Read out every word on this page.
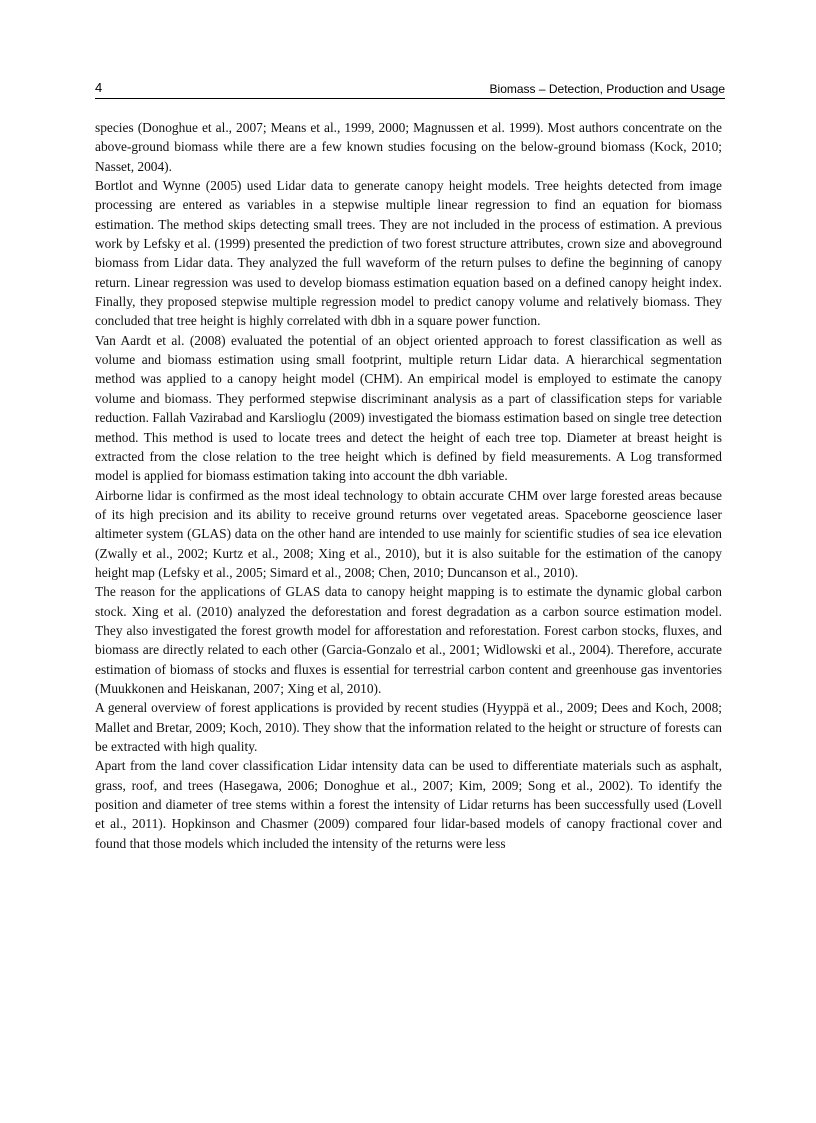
4	Biomass – Detection, Production and Usage

species (Donoghue et al., 2007; Means et al., 1999, 2000; Magnussen et al. 1999). Most authors concentrate on the above-ground biomass while there are a few known studies focusing on the below-ground biomass (Kock, 2010; Nasset, 2004).

Bortlot and Wynne (2005) used Lidar data to generate canopy height models. Tree heights detected from image processing are entered as variables in a stepwise multiple linear regression to find an equation for biomass estimation. The method skips detecting small trees. They are not included in the process of estimation. A previous work by Lefsky et al. (1999) presented the prediction of two forest structure attributes, crown size and aboveground biomass from Lidar data. They analyzed the full waveform of the return pulses to define the beginning of canopy return. Linear regression was used to develop biomass estimation equation based on a defined canopy height index. Finally, they proposed stepwise multiple regression model to predict canopy volume and relatively biomass. They concluded that tree height is highly correlated with dbh in a square power function.

Van Aardt et al. (2008) evaluated the potential of an object oriented approach to forest classification as well as volume and biomass estimation using small footprint, multiple return Lidar data. A hierarchical segmentation method was applied to a canopy height model (CHM). An empirical model is employed to estimate the canopy volume and biomass. They performed stepwise discriminant analysis as a part of classification steps for variable reduction. Fallah Vazirabad and Karslioglu (2009) investigated the biomass estimation based on single tree detection method. This method is used to locate trees and detect the height of each tree top. Diameter at breast height is extracted from the close relation to the tree height which is defined by field measurements. A Log transformed model is applied for biomass estimation taking into account the dbh variable.

Airborne lidar is confirmed as the most ideal technology to obtain accurate CHM over large forested areas because of its high precision and its ability to receive ground returns over vegetated areas. Spaceborne geoscience laser altimeter system (GLAS) data on the other hand are intended to use mainly for scientific studies of sea ice elevation (Zwally et al., 2002; Kurtz et al., 2008; Xing et al., 2010), but it is also suitable for the estimation of the canopy height map (Lefsky et al., 2005; Simard et al., 2008; Chen, 2010; Duncanson et al., 2010).

The reason for the applications of GLAS data to canopy height mapping is to estimate the dynamic global carbon stock. Xing et al. (2010) analyzed the deforestation and forest degradation as a carbon source estimation model. They also investigated the forest growth model for afforestation and reforestation. Forest carbon stocks, fluxes, and biomass are directly related to each other (Garcia-Gonzalo et al., 2001; Widlowski et al., 2004). Therefore, accurate estimation of biomass of stocks and fluxes is essential for terrestrial carbon content and greenhouse gas inventories (Muukkonen and Heiskanan, 2007; Xing et al, 2010).

A general overview of forest applications is provided by recent studies (Hyyppä et al., 2009; Dees and Koch, 2008; Mallet and Bretar, 2009; Koch, 2010). They show that the information related to the height or structure of forests can be extracted with high quality.

Apart from the land cover classification Lidar intensity data can be used to differentiate materials such as asphalt, grass, roof, and trees (Hasegawa, 2006; Donoghue et al., 2007; Kim, 2009; Song et al., 2002). To identify the position and diameter of tree stems within a forest the intensity of Lidar returns has been successfully used (Lovell et al., 2011). Hopkinson and Chasmer (2009) compared four lidar-based models of canopy fractional cover and found that those models which included the intensity of the returns were less
